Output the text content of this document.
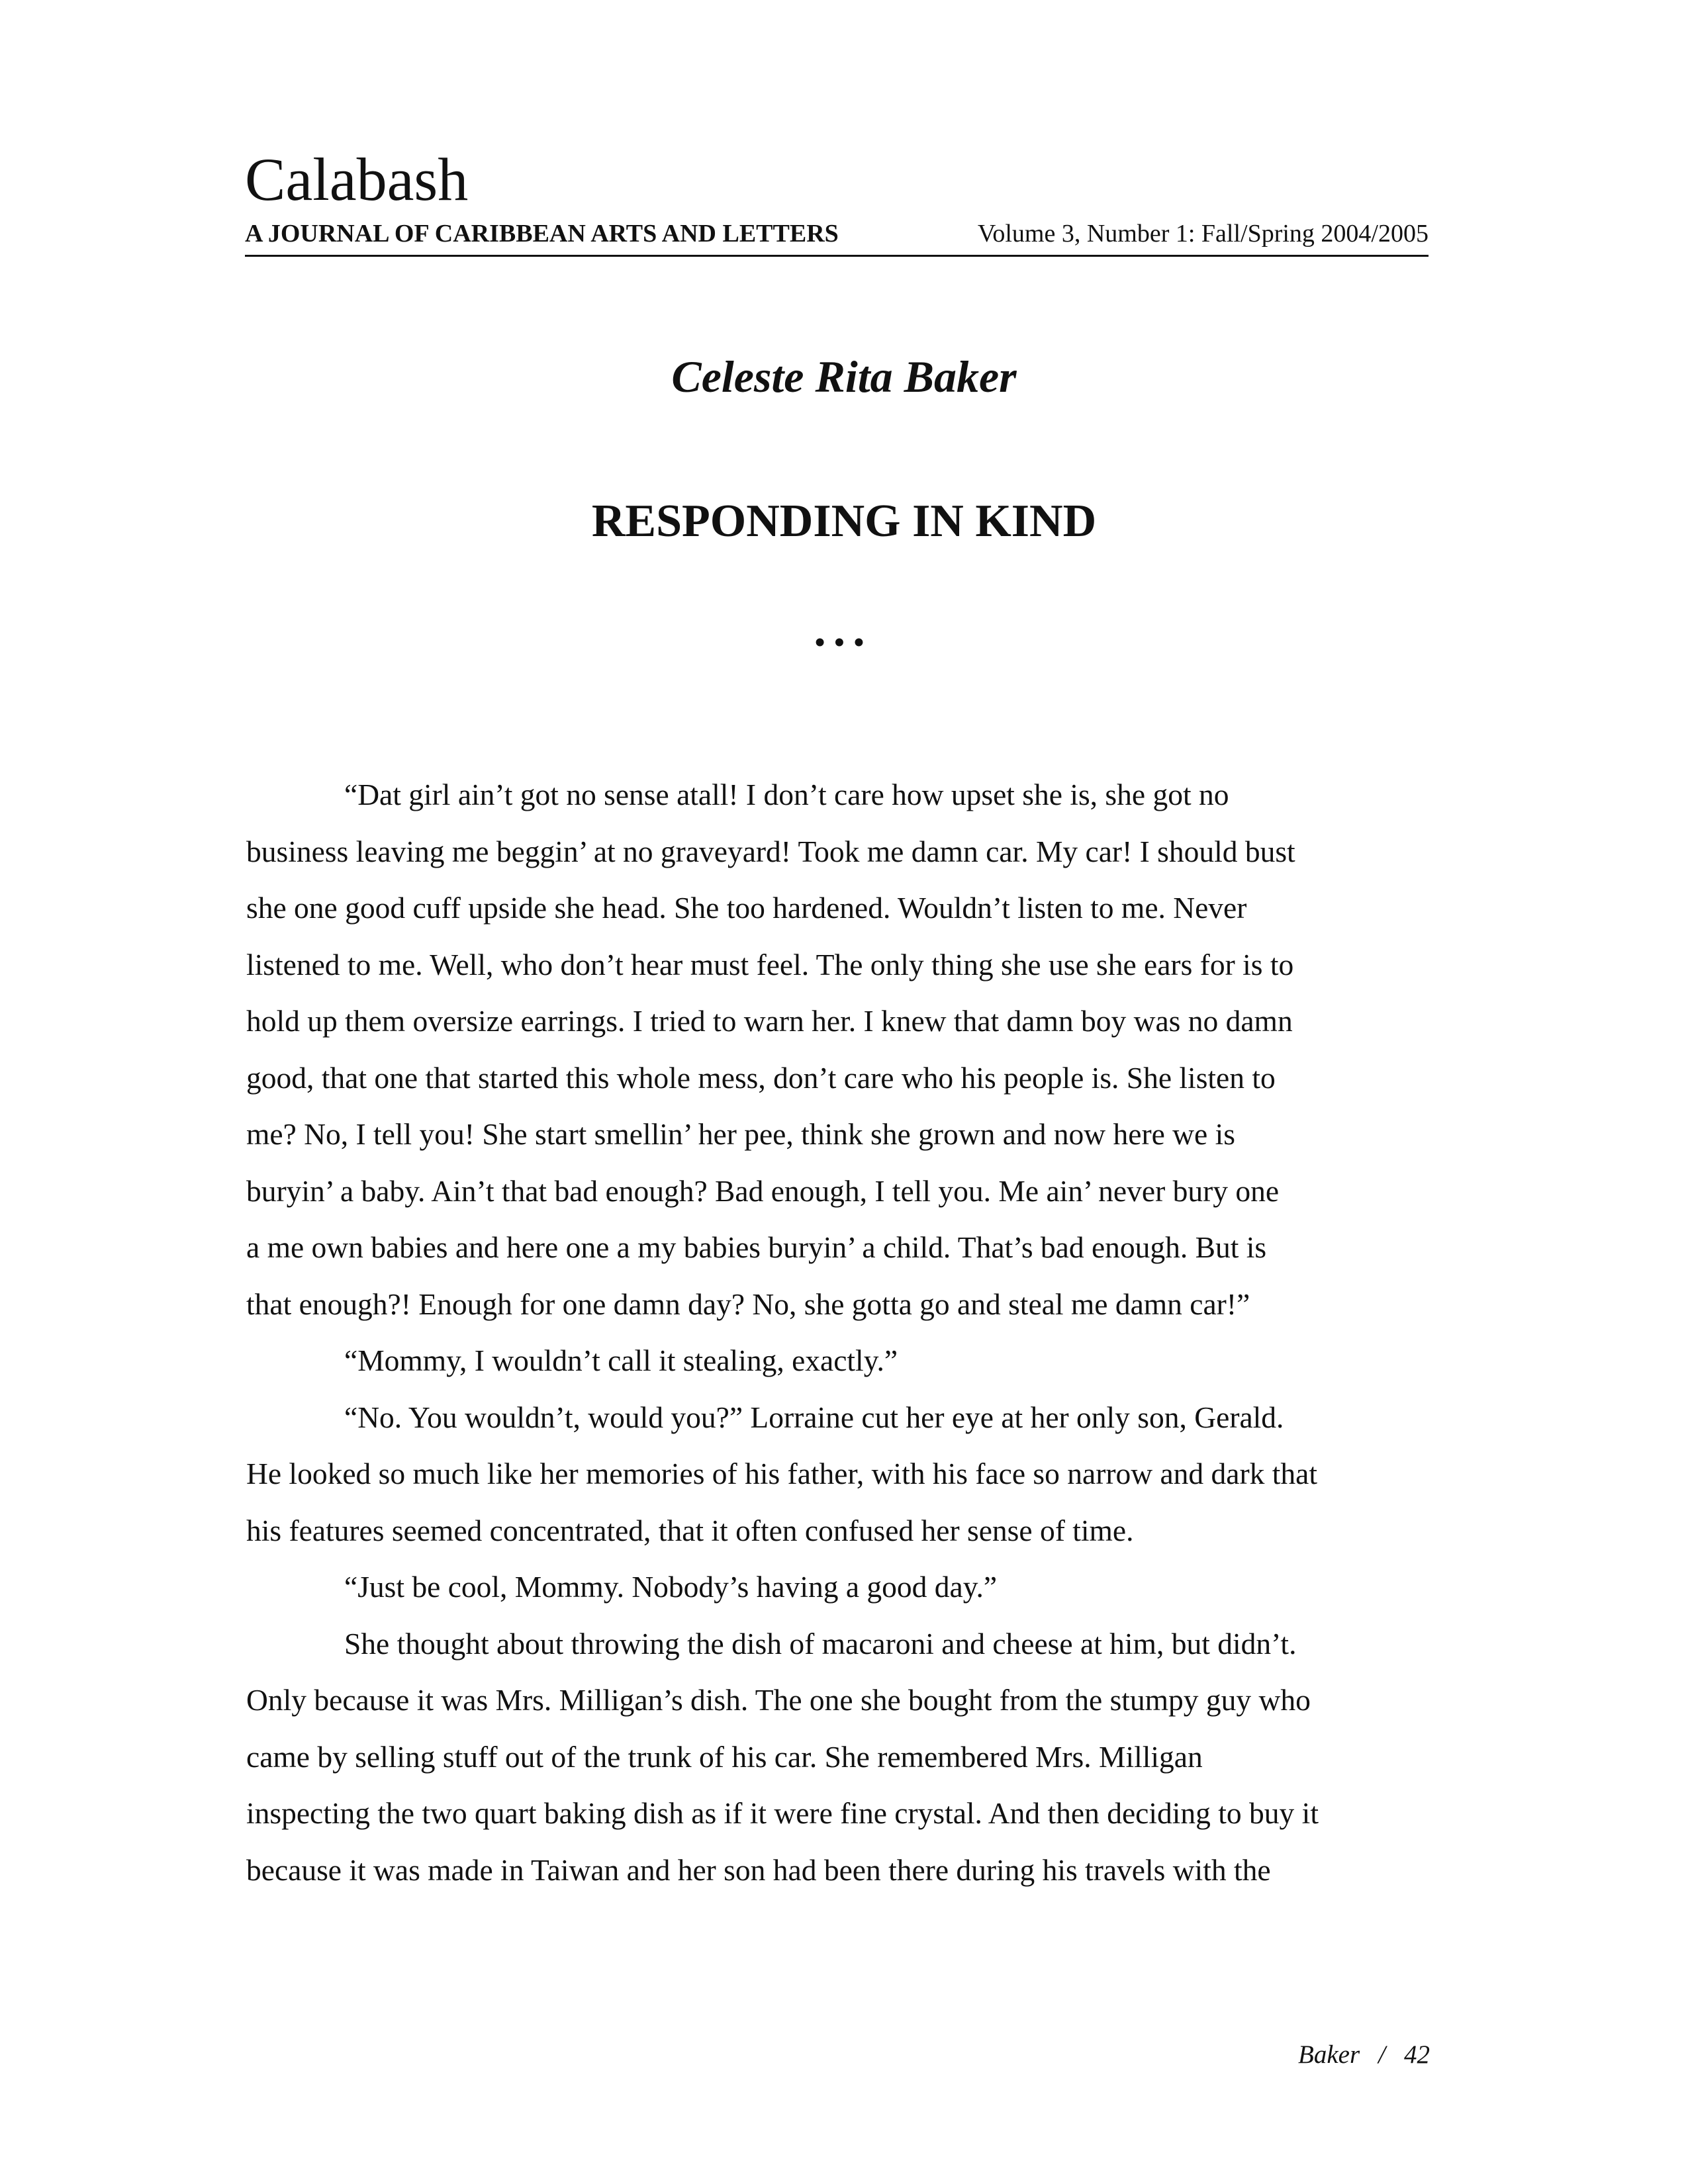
Calabash
A JOURNAL OF CARIBBEAN ARTS AND LETTERS	Volume 3, Number 1: Fall/Spring 2004/2005
Celeste Rita Baker
RESPONDING IN KIND
•••
“Dat girl ain’t got no sense atall! I don’t care how upset she is, she got no
business leaving me beggin’ at no graveyard! Took me damn car. My car! I should bust
she one good cuff upside she head. She too hardened. Wouldn’t listen to me. Never
listened to me. Well, who don’t hear must feel. The only thing she use she ears for is to
hold up them oversize earrings. I tried to warn her. I knew that damn boy was no damn
good, that one that started this whole mess, don’t care who his people is. She listen to
me? No, I tell you! She start smellin’ her pee, think she grown and now here we is
buryin’ a baby. Ain’t that bad enough? Bad enough, I tell you. Me ain’ never bury one
a me own babies and here one a my babies buryin’ a child. That’s bad enough. But is
that enough?! Enough for one damn day? No, she gotta go and steal me damn car!”
“Mommy, I wouldn’t call it stealing, exactly.”
“No. You wouldn’t, would you?” Lorraine cut her eye at her only son, Gerald.
He looked so much like her memories of his father, with his face so narrow and dark that
his features seemed concentrated, that it often confused her sense of time.
“Just be cool, Mommy. Nobody’s having a good day.”
She thought about throwing the dish of macaroni and cheese at him, but didn’t.
Only because it was Mrs. Milligan’s dish. The one she bought from the stumpy guy who
came by selling stuff out of the trunk of his car. She remembered Mrs. Milligan
inspecting the two quart baking dish as if it were fine crystal. And then deciding to buy it
because it was made in Taiwan and her son had been there during his travels with the
Baker / 42
